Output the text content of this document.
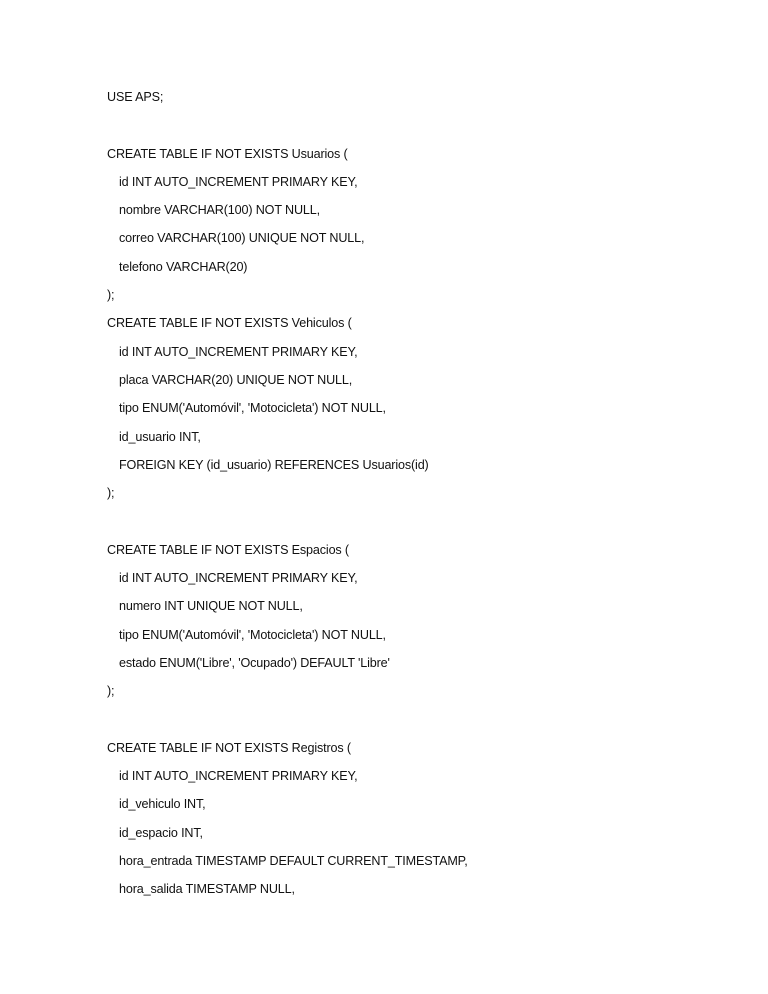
USE APS;
CREATE TABLE IF NOT EXISTS Usuarios (
id INT AUTO_INCREMENT PRIMARY KEY,
nombre VARCHAR(100) NOT NULL,
correo VARCHAR(100) UNIQUE NOT NULL,
telefono VARCHAR(20)
);
CREATE TABLE IF NOT EXISTS Vehiculos (
id INT AUTO_INCREMENT PRIMARY KEY,
placa VARCHAR(20) UNIQUE NOT NULL,
tipo ENUM('Automóvil', 'Motocicleta') NOT NULL,
id_usuario INT,
FOREIGN KEY (id_usuario) REFERENCES Usuarios(id)
);
CREATE TABLE IF NOT EXISTS Espacios (
id INT AUTO_INCREMENT PRIMARY KEY,
numero INT UNIQUE NOT NULL,
tipo ENUM('Automóvil', 'Motocicleta') NOT NULL,
estado ENUM('Libre', 'Ocupado') DEFAULT 'Libre'
);
CREATE TABLE IF NOT EXISTS Registros (
id INT AUTO_INCREMENT PRIMARY KEY,
id_vehiculo INT,
id_espacio INT,
hora_entrada TIMESTAMP DEFAULT CURRENT_TIMESTAMP,
hora_salida TIMESTAMP NULL,
